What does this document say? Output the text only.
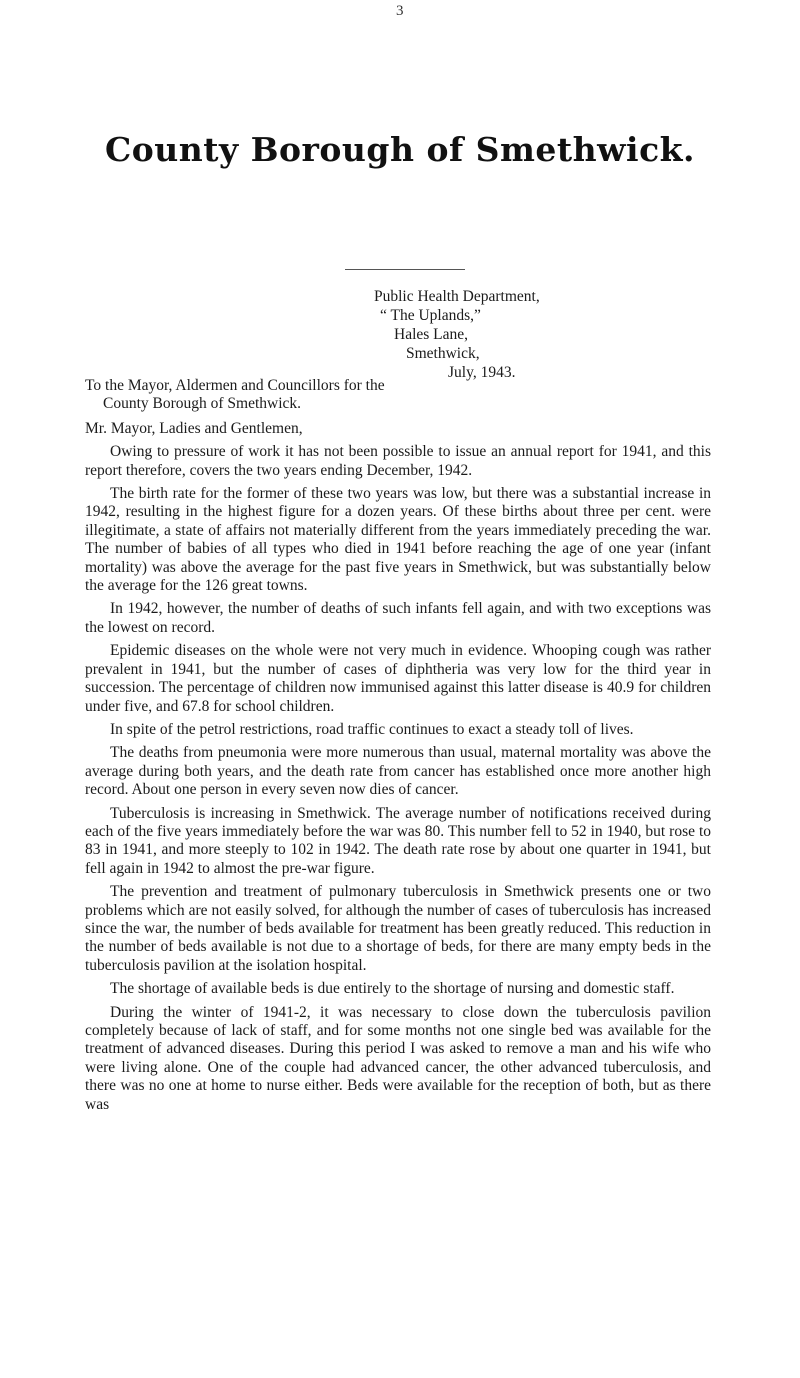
3
County Borough of Smethwick.
Public Health Department,
“ The Uplands,”
Hales Lane,
Smethwick,
July, 1943.
To the Mayor, Aldermen and Councillors for the
County Borough of Smethwick.
Mr. Mayor, Ladies and Gentlemen,

Owing to pressure of work it has not been possible to issue an annual report for 1941, and this report therefore, covers the two years ending December, 1942.

The birth rate for the former of these two years was low, but there was a substantial increase in 1942, resulting in the highest figure for a dozen years. Of these births about three per cent. were illegitimate, a state of affairs not materially different from the years immediately preceding the war. The number of babies of all types who died in 1941 before reaching the age of one year (infant mortality) was above the average for the past five years in Smethwick, but was substantially below the average for the 126 great towns.

In 1942, however, the number of deaths of such infants fell again, and with two exceptions was the lowest on record.

Epidemic diseases on the whole were not very much in evidence. Whooping cough was rather prevalent in 1941, but the number of cases of diphtheria was very low for the third year in succession. The percentage of children now immunised against this latter disease is 40.9 for children under five, and 67.8 for school children.

In spite of the petrol restrictions, road traffic continues to exact a steady toll of lives.

The deaths from pneumonia were more numerous than usual, maternal mortality was above the average during both years, and the death rate from cancer has established once more another high record. About one person in every seven now dies of cancer.

Tuberculosis is increasing in Smethwick. The average number of notifications received during each of the five years immediately before the war was 80. This number fell to 52 in 1940, but rose to 83 in 1941, and more steeply to 102 in 1942. The death rate rose by about one quarter in 1941, but fell again in 1942 to almost the pre-war figure.

The prevention and treatment of pulmonary tuberculosis in Smethwick presents one or two problems which are not easily solved, for although the number of cases of tuberculosis has increased since the war, the number of beds available for treatment has been greatly reduced. This reduction in the number of beds available is not due to a shortage of beds, for there are many empty beds in the tuberculosis pavilion at the isolation hospital.

The shortage of available beds is due entirely to the shortage of nursing and domestic staff.

During the winter of 1941-2, it was necessary to close down the tuberculosis pavilion completely because of lack of staff, and for some months not one single bed was available for the treatment of advanced diseases. During this period I was asked to remove a man and his wife who were living alone. One of the couple had advanced cancer, the other advanced tuberculosis, and there was no one at home to nurse either. Beds were available for the reception of both, but as there was
